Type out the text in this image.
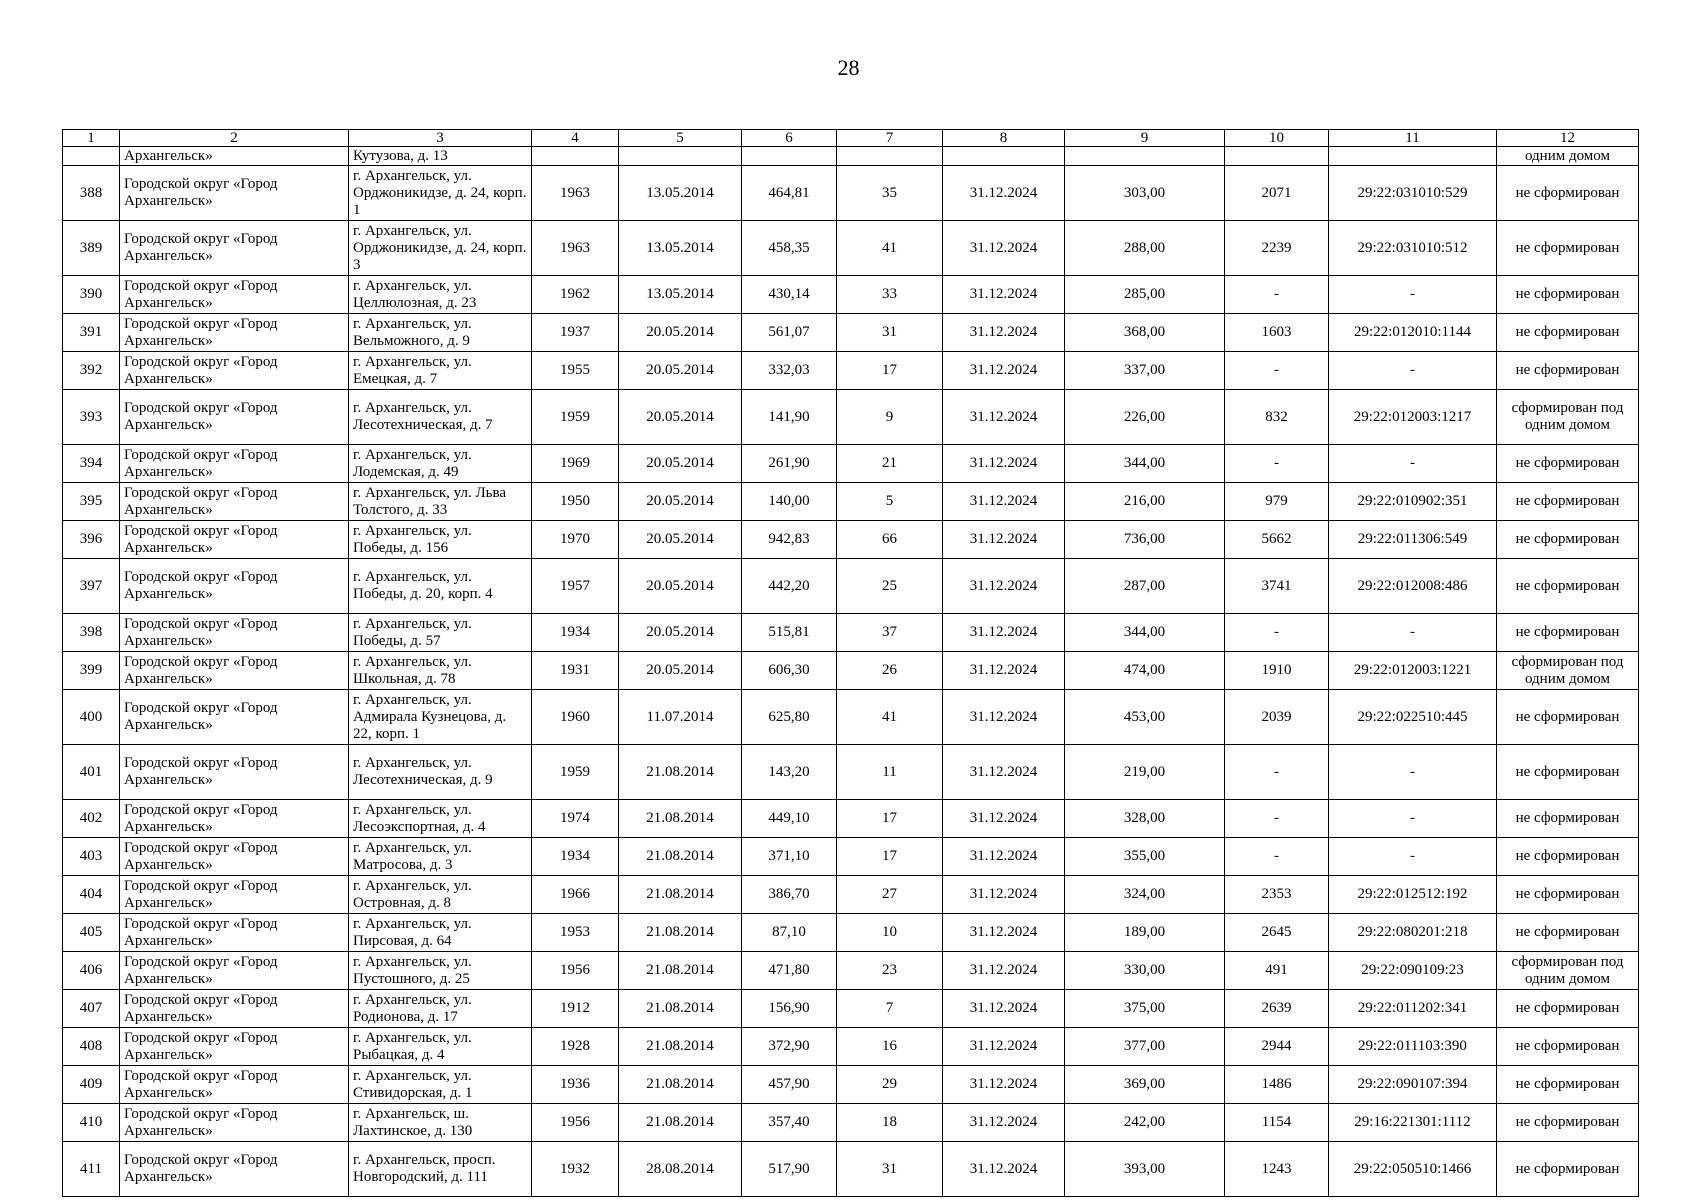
28
1	2	3	4	5	6	7	8	9	10	11	12
	Архангельск»	Кутузова, д. 13									одним домом
388	Городской округ «Город Архангельск»	г. Архангельск, ул. Орджоникидзе, д. 24, корп. 1	1963	13.05.2014	464,81	35	31.12.2024	303,00	2071	29:22:031010:529	не сформирован
389	Городской округ «Город Архангельск»	г. Архангельск, ул. Орджоникидзе, д. 24, корп. 3	1963	13.05.2014	458,35	41	31.12.2024	288,00	2239	29:22:031010:512	не сформирован
390	Городской округ «Город Архангельск»	г. Архангельск, ул. Целлюлозная, д. 23	1962	13.05.2014	430,14	33	31.12.2024	285,00	-	-	не сформирован
391	Городской округ «Город Архангельск»	г. Архангельск, ул. Вельможного, д. 9	1937	20.05.2014	561,07	31	31.12.2024	368,00	1603	29:22:012010:1144	не сформирован
392	Городской округ «Город Архангельск»	г. Архангельск, ул. Емецкая, д. 7	1955	20.05.2014	332,03	17	31.12.2024	337,00	-	-	не сформирован
393	Городской округ «Город Архангельск»	г. Архангельск, ул. Лесотехническая, д. 7	1959	20.05.2014	141,90	9	31.12.2024	226,00	832	29:22:012003:1217	сформирован под одним домом
394	Городской округ «Город Архангельск»	г. Архангельск, ул. Лодемская, д. 49	1969	20.05.2014	261,90	21	31.12.2024	344,00	-	-	не сформирован
395	Городской округ «Город Архангельск»	г. Архангельск, ул. Льва Толстого, д. 33	1950	20.05.2014	140,00	5	31.12.2024	216,00	979	29:22:010902:351	не сформирован
396	Городской округ «Город Архангельск»	г. Архангельск, ул. Победы, д. 156	1970	20.05.2014	942,83	66	31.12.2024	736,00	5662	29:22:011306:549	не сформирован
397	Городской округ «Город Архангельск»	г. Архангельск, ул. Победы, д. 20, корп. 4	1957	20.05.2014	442,20	25	31.12.2024	287,00	3741	29:22:012008:486	не сформирован
398	Городской округ «Город Архангельск»	г. Архангельск, ул. Победы, д. 57	1934	20.05.2014	515,81	37	31.12.2024	344,00	-	-	не сформирован
399	Городской округ «Город Архангельск»	г. Архангельск, ул. Школьная, д. 78	1931	20.05.2014	606,30	26	31.12.2024	474,00	1910	29:22:012003:1221	сформирован под одним домом
400	Городской округ «Город Архангельск»	г. Архангельск, ул. Адмирала Кузнецова, д. 22, корп. 1	1960	11.07.2014	625,80	41	31.12.2024	453,00	2039	29:22:022510:445	не сформирован
401	Городской округ «Город Архангельск»	г. Архангельск, ул. Лесотехническая, д. 9	1959	21.08.2014	143,20	11	31.12.2024	219,00	-	-	не сформирован
402	Городской округ «Город Архангельск»	г. Архангельск, ул. Лесоэкспортная, д. 4	1974	21.08.2014	449,10	17	31.12.2024	328,00	-	-	не сформирован
403	Городской округ «Город Архангельск»	г. Архангельск, ул. Матросова, д. 3	1934	21.08.2014	371,10	17	31.12.2024	355,00	-	-	не сформирован
404	Городской округ «Город Архангельск»	г. Архангельск, ул. Островная, д. 8	1966	21.08.2014	386,70	27	31.12.2024	324,00	2353	29:22:012512:192	не сформирован
405	Городской округ «Город Архангельск»	г. Архангельск, ул. Пирсовая, д. 64	1953	21.08.2014	87,10	10	31.12.2024	189,00	2645	29:22:080201:218	не сформирован
406	Городской округ «Город Архангельск»	г. Архангельск, ул. Пустошного, д. 25	1956	21.08.2014	471,80	23	31.12.2024	330,00	491	29:22:090109:23	сформирован под одним домом
407	Городской округ «Город Архангельск»	г. Архангельск, ул. Родионова, д. 17	1912	21.08.2014	156,90	7	31.12.2024	375,00	2639	29:22:011202:341	не сформирован
408	Городской округ «Город Архангельск»	г. Архангельск, ул. Рыбацкая, д. 4	1928	21.08.2014	372,90	16	31.12.2024	377,00	2944	29:22:011103:390	не сформирован
409	Городской округ «Город Архангельск»	г. Архангельск, ул. Стивидорская, д. 1	1936	21.08.2014	457,90	29	31.12.2024	369,00	1486	29:22:090107:394	не сформирован
410	Городской округ «Город Архангельск»	г. Архангельск, ш. Лахтинское, д. 130	1956	21.08.2014	357,40	18	31.12.2024	242,00	1154	29:16:221301:1112	не сформирован
411	Городской округ «Город Архангельск»	г. Архангельск, просп. Новгородский, д. 111	1932	28.08.2014	517,90	31	31.12.2024	393,00	1243	29:22:050510:1466	не сформирован
